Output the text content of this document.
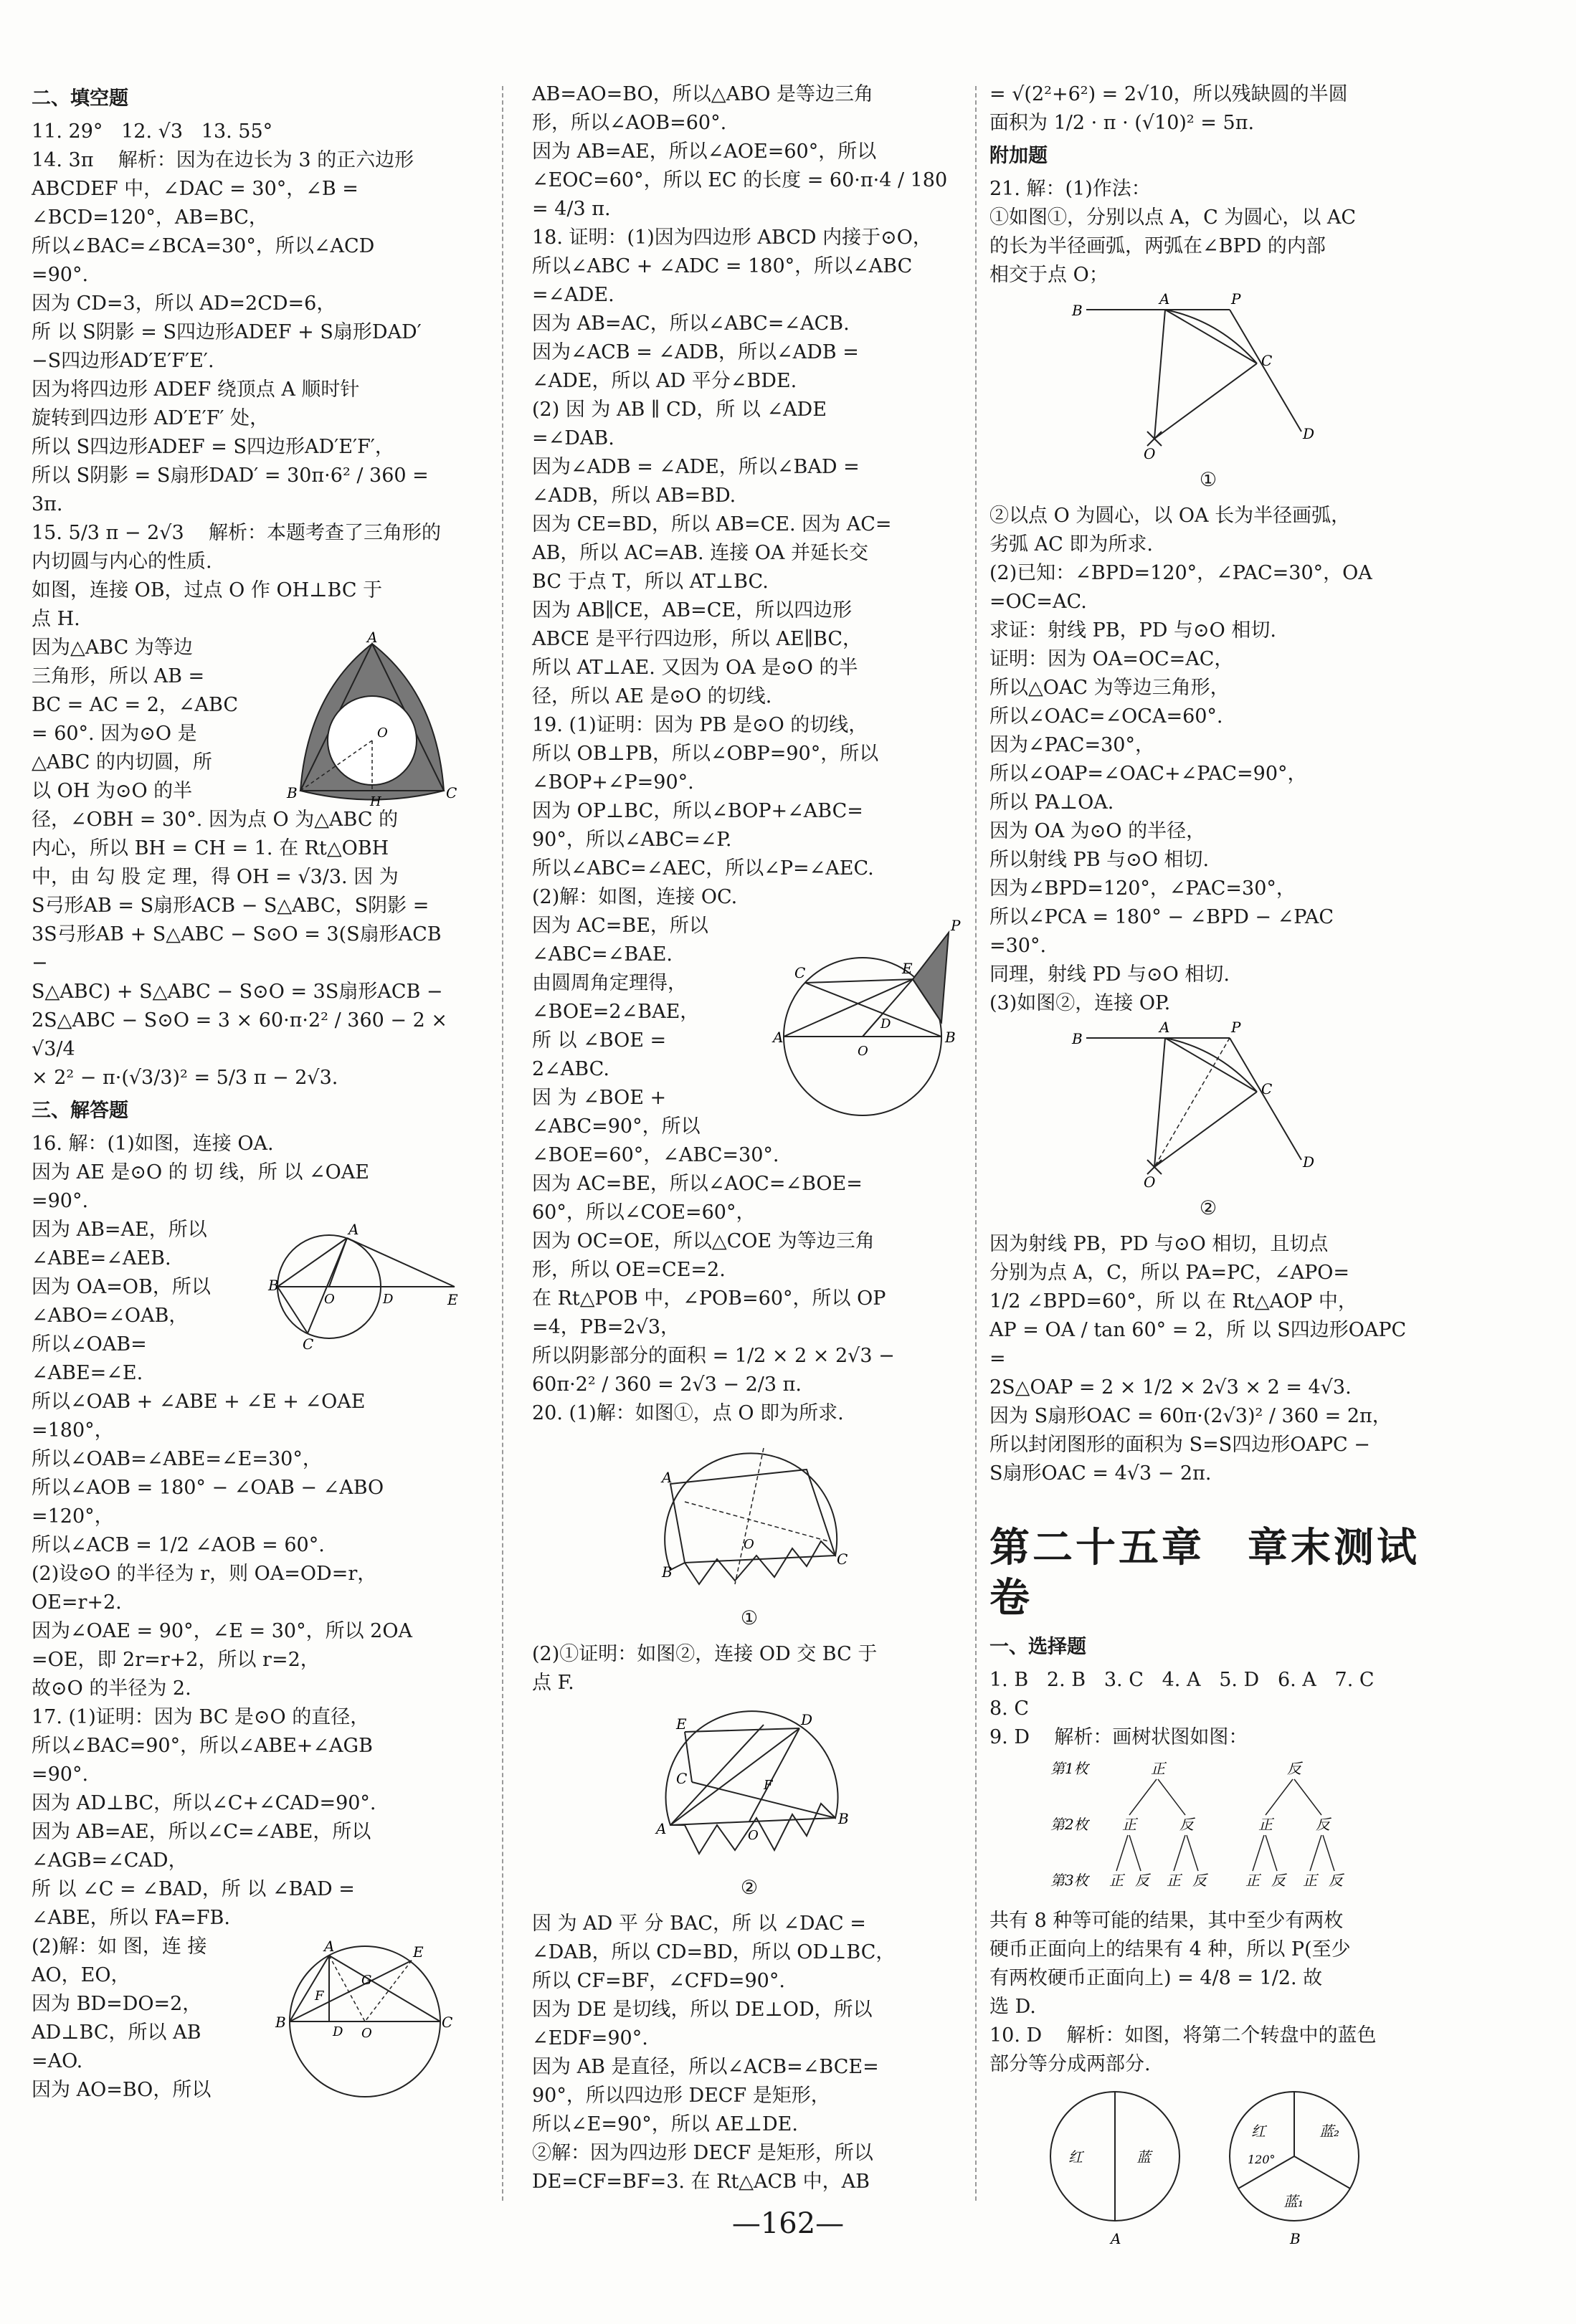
二、填空题

11. 29°   12. √3   13. 55°

14. 3π    解析：因为在边长为 3 的正六边形

ABCDEF 中，∠DAC = 30°，∠B =

∠BCD=120°，AB=BC，

所以∠BAC=∠BCA=30°，所以∠ACD

=90°.

因为 CD=3，所以 AD=2CD=6，

所 以 S阴影 = S四边形ADEF + S扇形DAD′

−S四边形AD′E′F′E′.

因为将四边形 ADEF 绕顶点 A 顺时针

旋转到四边形 AD′E′F′ 处，

所以 S四边形ADEF = S四边形AD′E′F′，

所以 S阴影 = S扇形DAD′ = 30π·6² / 360 = 3π.

15. 5/3 π − 2√3    解析：本题考查了三角形的

内切圆与内心的性质.

如图，连接 OB，过点 O 作 OH⊥BC 于

点 H.

A
B	C
O
H

因为△ABC 为等边

三角形，所以 AB =

BC = AC = 2，∠ABC

= 60°. 因为⊙O 是

△ABC 的内切圆，所

以 OH 为⊙O 的半

径，∠OBH = 30°. 因为点 O 为△ABC 的

内心，所以 BH = CH = 1. 在 Rt△OBH

中，由 勾 股 定 理，得 OH = √3/3. 因 为

S弓形AB = S扇形ACB − S△ABC，S阴影 =

3S弓形AB + S△ABC − S⊙O = 3(S扇形ACB −

S△ABC) + S△ABC − S⊙O = 3S扇形ACB −

2S△ABC − S⊙O = 3 × 60·π·2² / 360 − 2 × √3/4

× 2² − π·(√3/3)² = 5/3 π − 2√3.

三、解答题

16. 解：(1)如图，连接 OA.

因为 AE 是⊙O 的 切 线，所 以 ∠OAE

=90°.

A
B
O	D	E
C

因为 AB=AE，所以

∠ABE=∠AEB.

因为 OA=OB，所以

∠ABO=∠OAB，

所以∠OAB=

∠ABE=∠E.

所以∠OAB + ∠ABE + ∠E + ∠OAE

=180°，

所以∠OAB=∠ABE=∠E=30°，

所以∠AOB = 180° − ∠OAB − ∠ABO

=120°，

所以∠ACB = 1/2 ∠AOB = 60°.

(2)设⊙O 的半径为 r，则 OA=OD=r，

OE=r+2.

因为∠OAE = 90°，∠E = 30°，所以 2OA

=OE，即 2r=r+2，所以 r=2，

故⊙O 的半径为 2.

17. (1)证明：因为 BC 是⊙O 的直径，

所以∠BAC=90°，所以∠ABE+∠AGB

=90°.

因为 AD⊥BC，所以∠C+∠CAD=90°.

因为 AB=AE，所以∠C=∠ABE，所以

∠AGB=∠CAD，

所 以 ∠C = ∠BAD，所 以 ∠BAD =

∠ABE，所以 FA=FB.

A	E
G
F
B	C
D O

(2)解：如 图，连 接

AO，EO，

因为 BD=DO=2，

AD⊥BC，所以 AB

=AO.

因为 AO=BO，所以

AB=AO=BO，所以△ABO 是等边三角

形，所以∠AOB=60°.

因为 AB=AE，所以∠AOE=60°，所以

∠EOC=60°，所以 EC 的长度 = 60·π·4 / 180

= 4/3 π.

18. 证明：(1)因为四边形 ABCD 内接于⊙O，

所以∠ABC + ∠ADC = 180°，所以∠ABC

=∠ADE.

因为 AB=AC，所以∠ABC=∠ACB.

因为∠ACB = ∠ADB，所以∠ADB =

∠ADE，所以 AD 平分∠BDE.

(2) 因 为 AB ∥ CD，所 以 ∠ADE

=∠DAB.

因为∠ADB = ∠ADE，所以∠BAD =

∠ADB，所以 AB=BD.

因为 CE=BD，所以 AB=CE. 因为 AC=

AB，所以 AC=AB. 连接 OA 并延长交

BC 于点 T，所以 AT⊥BC.

因为 AB∥CE，AB=CE，所以四边形

ABCE 是平行四边形，所以 AE∥BC，

所以 AT⊥AE. 又因为 OA 是⊙O 的半

径，所以 AE 是⊙O 的切线.

19. (1)证明：因为 PB 是⊙O 的切线，

所以 OB⊥PB，所以∠OBP=90°，所以

∠BOP+∠P=90°.

因为 OP⊥BC，所以∠BOP+∠ABC=

90°，所以∠ABC=∠P.

所以∠ABC=∠AEC，所以∠P=∠AEC.

(2)解：如图，连接 OC.

P
E
C
A	B
D
O

因为 AC=BE，所以

∠ABC=∠BAE.

由圆周角定理得，

∠BOE=2∠BAE，

所 以 ∠BOE =

2∠ABC.

因 为 ∠BOE +

∠ABC=90°，所以

∠BOE=60°，∠ABC=30°.

因为 AC=BE，所以∠AOC=∠BOE=

60°，所以∠COE=60°，

因为 OC=OE，所以△COE 为等边三角

形，所以 OE=CE=2.

在 Rt△POB 中，∠POB=60°，所以 OP

=4，PB=2√3，

所以阴影部分的面积 = 1/2 × 2 × 2√3 −

60π·2² / 360 = 2√3 − 2/3 π.

20. (1)解：如图①，点 O 即为所求.

A
B
C
O

①

(2)①证明：如图②，连接 OD 交 BC 于

点 F.

E	D
C	F
A
B
O

②

因 为 AD 平 分 BAC，所 以 ∠DAC =

∠DAB，所以 CD=BD，所以 OD⊥BC，

所以 CF=BF，∠CFD=90°.

因为 DE 是切线，所以 DE⊥OD，所以

∠EDF=90°.

因为 AB 是直径，所以∠ACB=∠BCE=

90°，所以四边形 DECF 是矩形，

所以∠E=90°，所以 AE⊥DE.

②解：因为四边形 DECF 是矩形，所以

DE=CF=BF=3. 在 Rt△ACB 中，AB

= √(2²+6²) = 2√10，所以残缺圆的半圆

面积为 1/2 · π · (√10)² = 5π.

附加题

21. 解：(1)作法：

①如图①，分别以点 A，C 为圆心，以 AC

的长为半径画弧，两弧在∠BPD 的内部

相交于点 O；

B
A	P
C
D
O

①

②以点 O 为圆心，以 OA 长为半径画弧，

劣弧 AC 即为所求.

(2)已知：∠BPD=120°，∠PAC=30°，OA

=OC=AC.

求证：射线 PB，PD 与⊙O 相切.

证明：因为 OA=OC=AC，

所以△OAC 为等边三角形，

所以∠OAC=∠OCA=60°.

因为∠PAC=30°，

所以∠OAP=∠OAC+∠PAC=90°，

所以 PA⊥OA.

因为 OA 为⊙O 的半径，

所以射线 PB 与⊙O 相切.

因为∠BPD=120°，∠PAC=30°，

所以∠PCA = 180° − ∠BPD − ∠PAC

=30°.

同理，射线 PD 与⊙O 相切.

(3)如图②，连接 OP.

B
A	P
C
D
O

②

因为射线 PB，PD 与⊙O 相切，且切点

分别为点 A，C，所以 PA=PC，∠APO=

1/2 ∠BPD=60°，所 以 在 Rt△AOP 中，

AP = OA / tan 60° = 2，所 以 S四边形OAPC =

2S△OAP = 2 × 1/2 × 2√3 × 2 = 4√3.

因为 S扇形OAC = 60π·(2√3)² / 360 = 2π，

所以封闭图形的面积为 S=S四边形OAPC −

S扇形OAC = 4√3 − 2π.

第二十五章　章末测试卷

一、选择题

1. B   2. B   3. C   4. A   5. D   6. A   7. C

8. C

9. D    解析：画树状图如图：

第1枚
第2枚
第3枚
正	反
正	反	正	反
正 反 正 反	正 反 正 反

共有 8 种等可能的结果，其中至少有两枚

硬币正面向上的结果有 4 种，所以 P(至少

有两枚硬币正面向上) = 4/8 = 1/2. 故

选 D.

10. D    解析：如图，将第二个转盘中的蓝色

部分等分成两部分.

红	蓝
红	蓝₂
蓝₁
120°
A	B
—162—
